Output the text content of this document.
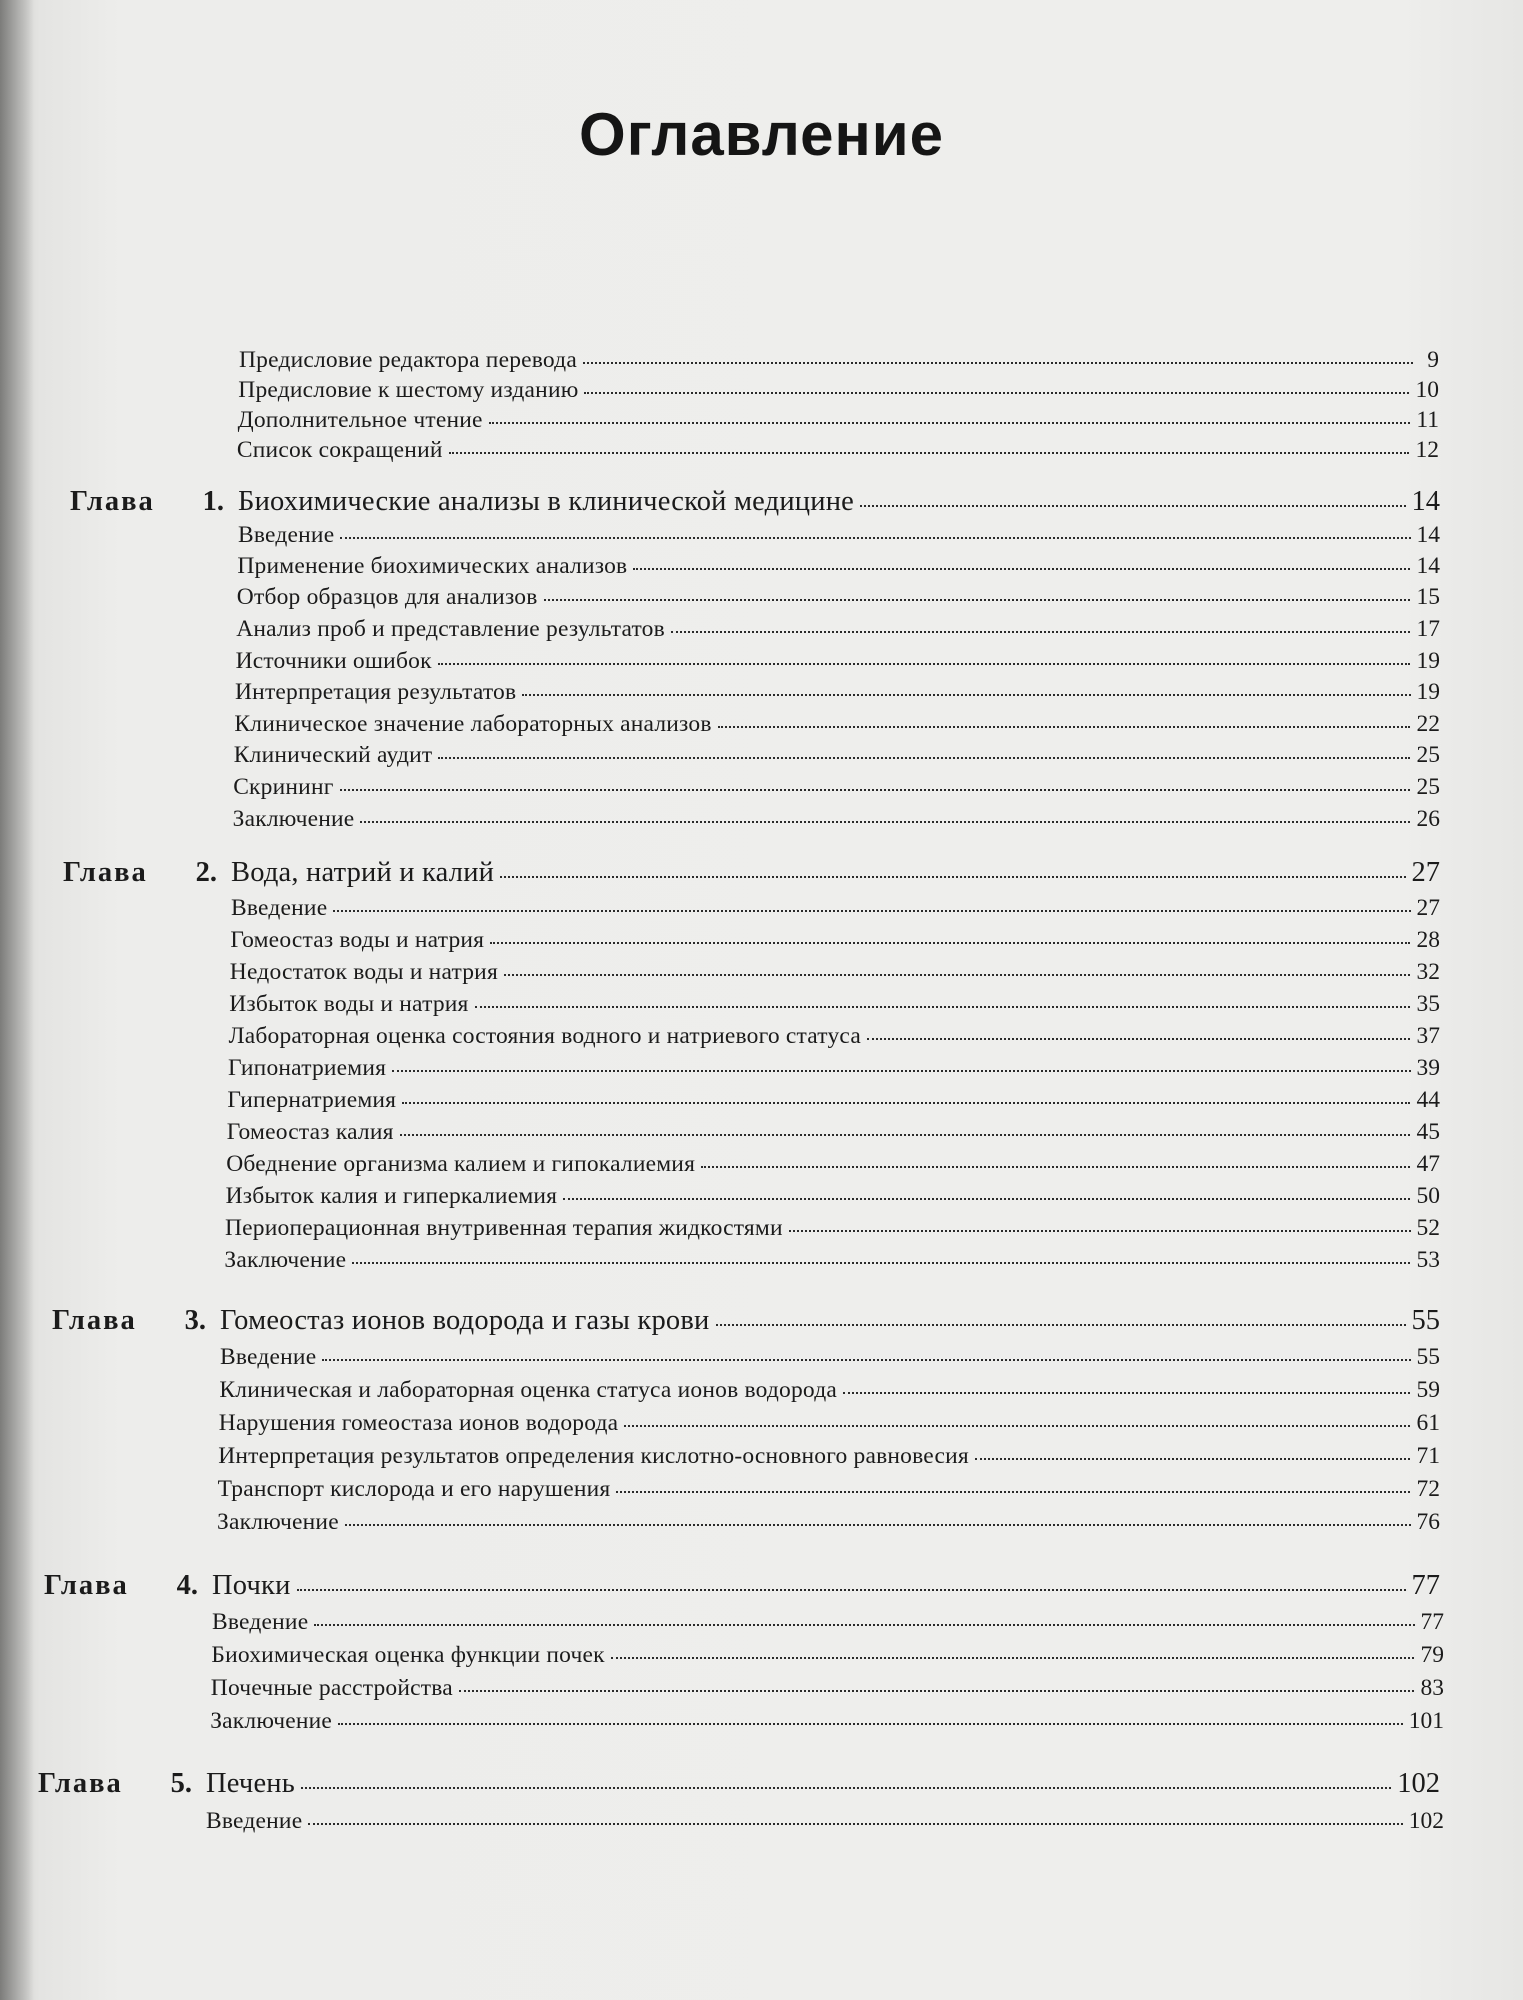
Оглавление
Предисловие редактора перевода	9
Предисловие к шестому изданию	10
Дополнительное чтение	11
Список сокращений	12
Глава	1. Биохимические анализы в клинической медицине	14
Введение	14
Применение биохимических анализов	14
Отбор образцов для анализов	15
Анализ проб и представление результатов	17
Источники ошибок	19
Интерпретация результатов	19
Клиническое значение лабораторных анализов	22
Клинический аудит	25
Скрининг	25
Заключение	26
Глава	2. Вода, натрий и калий	27
Введение	27
Гомеостаз воды и натрия	28
Недостаток воды и натрия	32
Избыток воды и натрия	35
Лабораторная оценка состояния водного и натриевого статуса	37
Гипонатриемия	39
Гипернатриемия	44
Гомеостаз калия	45
Обеднение организма калием и гипокалиемия	47
Избыток калия и гиперкалиемия	50
Периоперационная внутривенная терапия жидкостями	52
Заключение	53
Глава	3. Гомеостаз ионов водорода и газы крови	55
Введение	55
Клиническая и лабораторная оценка статуса ионов водорода	59
Нарушения гомеостаза ионов водорода	61
Интерпретация результатов определения кислотно-основного равновесия	71
Транспорт кислорода и его нарушения	72
Заключение	76
Глава	4. Почки	77
Введение	77
Биохимическая оценка функции почек	79
Почечные расстройства	83
Заключение	101
Глава	5. Печень	102
Введение	102
